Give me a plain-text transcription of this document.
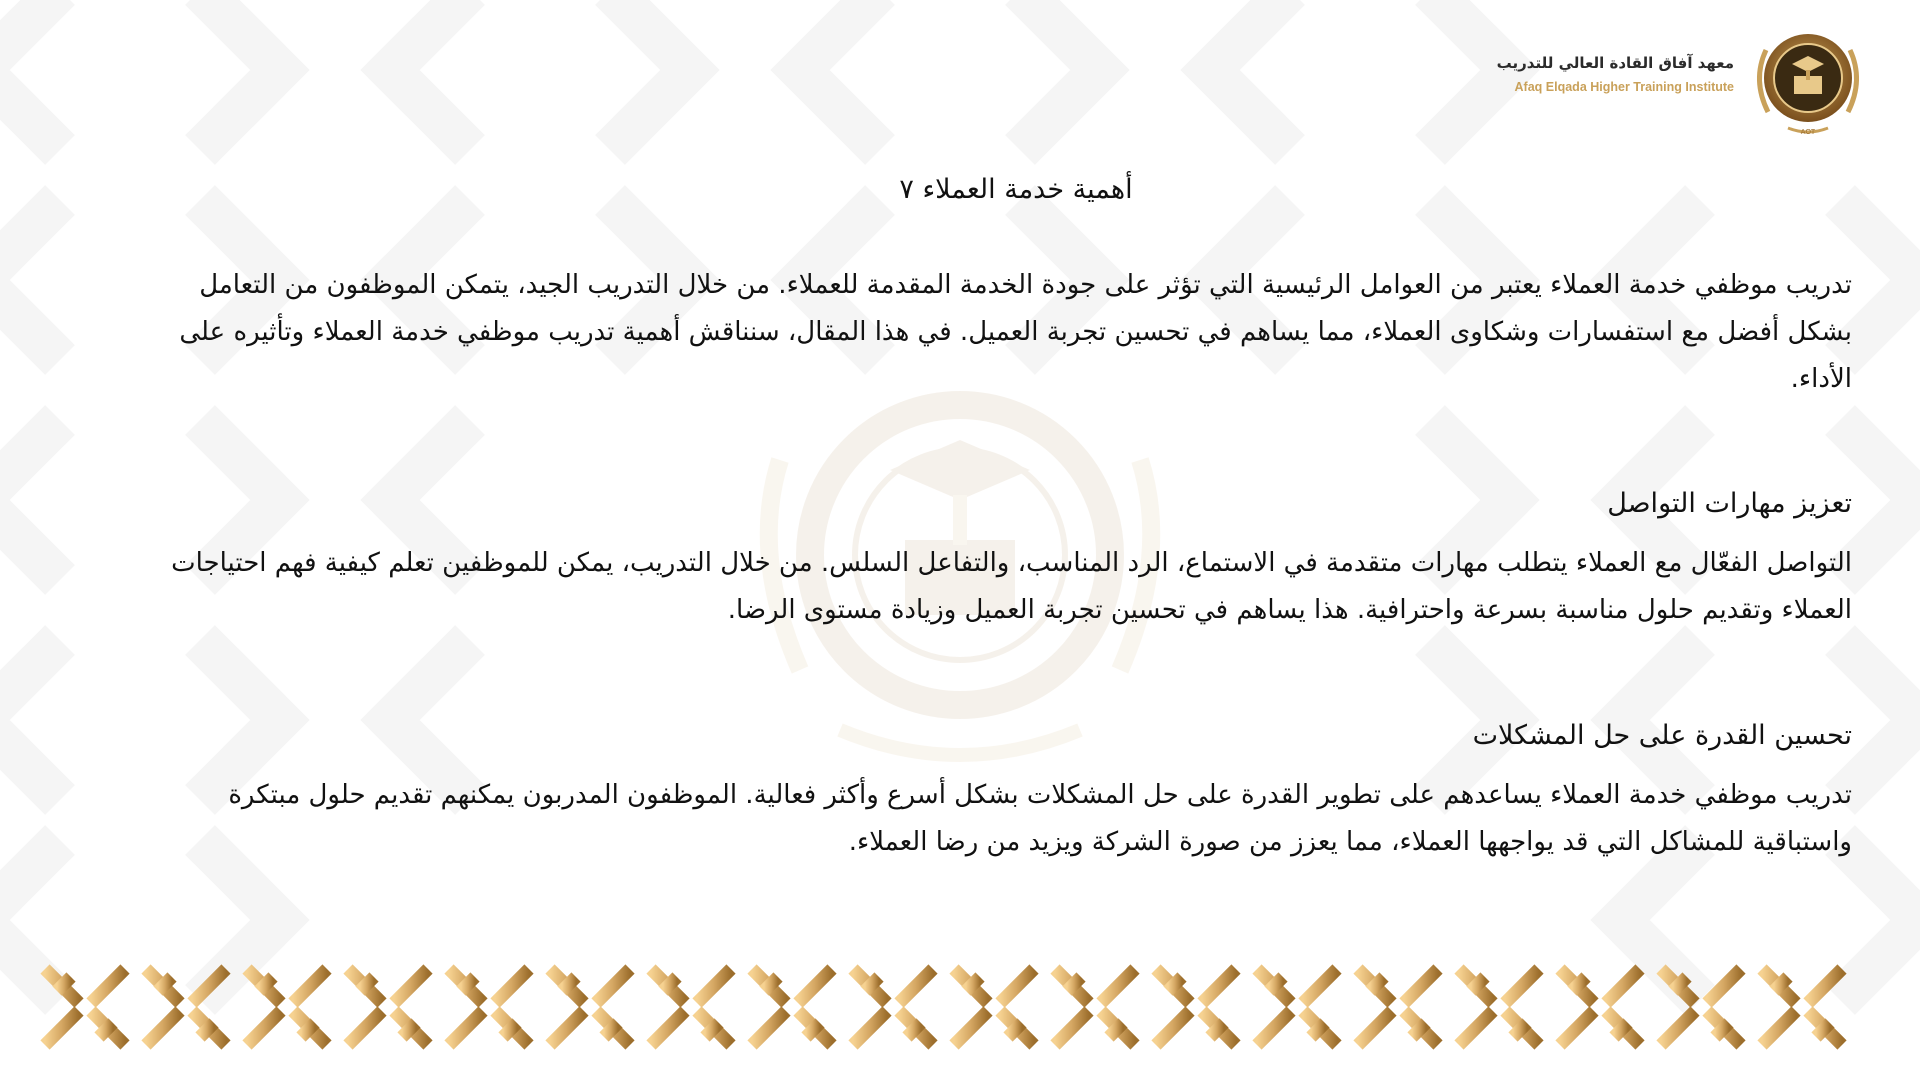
AOT
معهد آفاق القادة العالي للتدريب
Afaq Elqada Higher Training Institute
أهمية خدمة العملاء ٧

تدريب موظفي خدمة العملاء يعتبر من العوامل الرئيسية التي تؤثر على جودة الخدمة المقدمة للعملاء. من خلال التدريب الجيد، يتمكن الموظفون من التعامل بشكل أفضل مع استفسارات وشكاوى العملاء، مما يساهم في تحسين تجربة العميل. في هذا المقال، سنناقش أهمية تدريب موظفي خدمة العملاء وتأثيره على الأداء.

تعزيز مهارات التواصل

التواصل الفعّال مع العملاء يتطلب مهارات متقدمة في الاستماع، الرد المناسب، والتفاعل السلس. من خلال التدريب، يمكن للموظفين تعلم كيفية فهم احتياجات العملاء وتقديم حلول مناسبة بسرعة واحترافية. هذا يساهم في تحسين تجربة العميل وزيادة مستوى الرضا.

تحسين القدرة على حل المشكلات

تدريب موظفي خدمة العملاء يساعدهم على تطوير القدرة على حل المشكلات بشكل أسرع وأكثر فعالية. الموظفون المدربون يمكنهم تقديم حلول مبتكرة واستباقية للمشاكل التي قد يواجهها العملاء، مما يعزز من صورة الشركة ويزيد من رضا العملاء.
